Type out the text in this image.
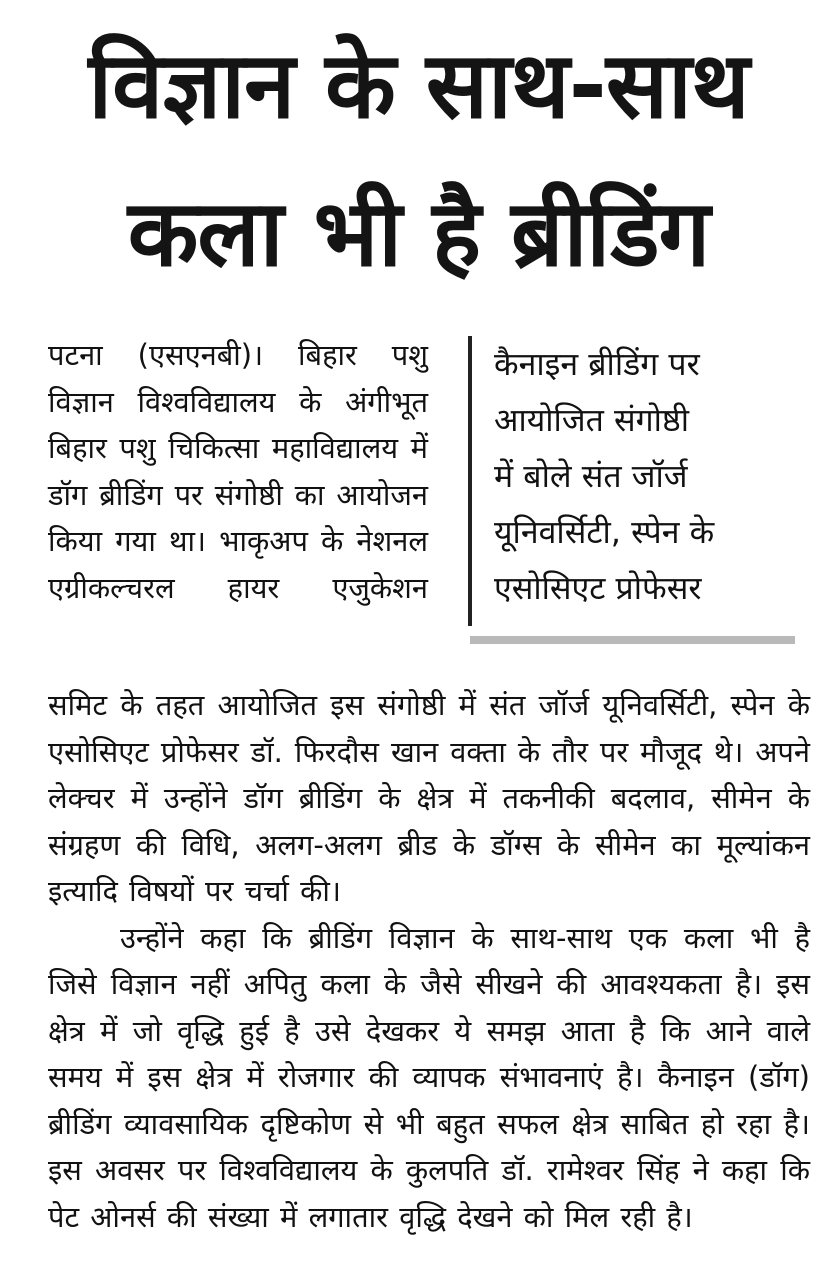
विज्ञान के साथ-साथ
कला भी है ब्रीडिंग

पटना (एसएनबी)। बिहार पशु विज्ञान विश्वविद्यालय के अंगीभूत बिहार पशु चिकित्सा महाविद्यालय में डॉग ब्रीडिंग पर संगोष्ठी का आयोजन किया गया था। भाकृअप के नेशनल एग्रीकल्चरल हायर एजुकेशन

कैनाइन ब्रीडिंग पर
आयोजित संगोष्ठी
में बोले संत जॉर्ज
यूनिवर्सिटी, स्पेन के
एसोसिएट प्रोफेसर

समिट के तहत आयोजित इस संगोष्ठी में संत जॉर्ज यूनिवर्सिटी, स्पेन के एसोसिएट प्रोफेसर डॉ. फिरदौस खान वक्ता के तौर पर मौजूद थे। अपने लेक्चर में उन्होंने डॉग ब्रीडिंग के क्षेत्र में तकनीकी बदलाव, सीमेन के संग्रहण की विधि, अलग-अलग ब्रीड के डॉग्स के सीमेन का मूल्यांकन इत्यादि विषयों पर चर्चा की।

उन्होंने कहा कि ब्रीडिंग विज्ञान के साथ-साथ एक कला भी है जिसे विज्ञान नहीं अपितु कला के जैसे सीखने की आवश्यकता है। इस क्षेत्र में जो वृद्धि हुई है उसे देखकर ये समझ आता है कि आने वाले समय में इस क्षेत्र में रोजगार की व्यापक संभावनाएं है। कैनाइन (डॉग) ब्रीडिंग व्यावसायिक दृष्टिकोण से भी बहुत सफल क्षेत्र साबित हो रहा है। इस अवसर पर विश्वविद्यालय के कुलपति डॉ. रामेश्वर सिंह ने कहा कि पेट ओनर्स की संख्या में लगातार वृद्धि देखने को मिल रही है।
